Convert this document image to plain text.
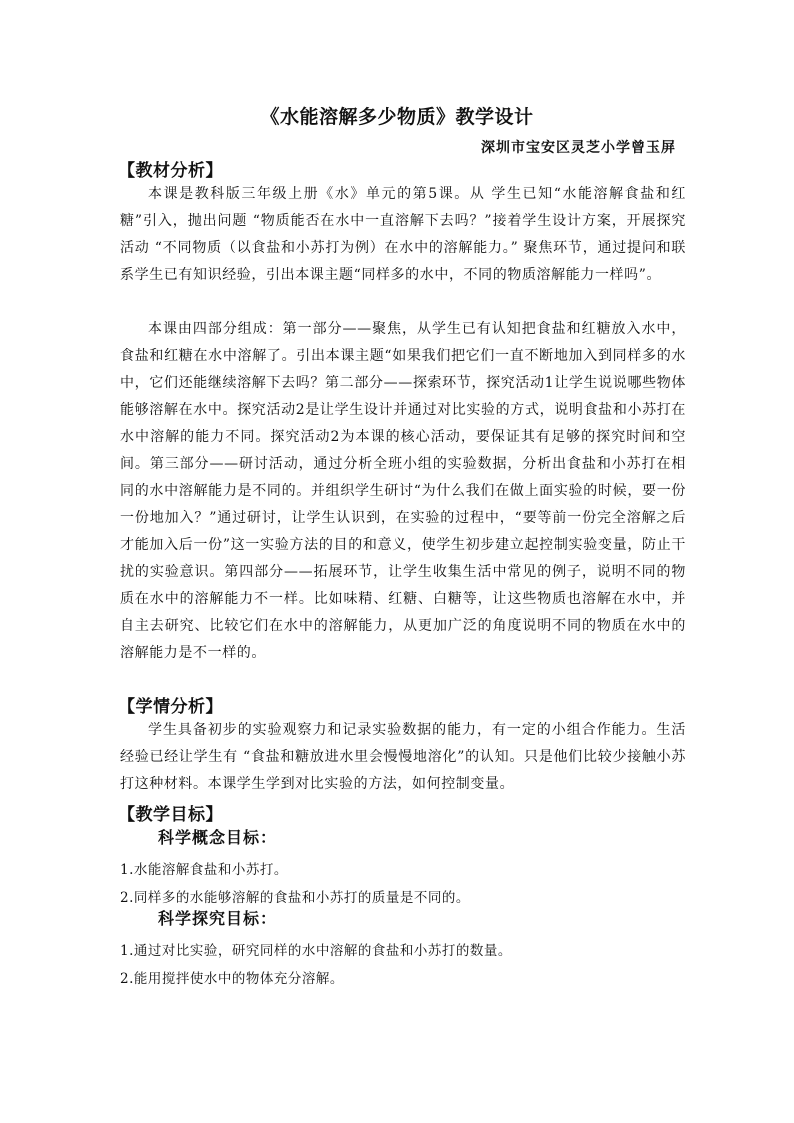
《水能溶解多少物质》教学设计
深圳市宝安区灵芝小学曾玉屏
【教材分析】
本课是教科版三年级上册《水》单元的第5课。从 学生已知“水能溶解食盐和红糖”引入，抛出问题 “物质能否在水中一直溶解下去吗？”接着学生设计方案，开展探究活动 “不同物质（以食盐和小苏打为例）在水中的溶解能力。” 聚焦环节，通过提问和联系学生已有知识经验，引出本课主题“同样多的水中，不同的物质溶解能力一样吗”。
本课由四部分组成：第一部分——聚焦，从学生已有认知把食盐和红糖放入水中，食盐和红糖在水中溶解了。引出本课主题“如果我们把它们一直不断地加入到同样多的水中，它们还能继续溶解下去吗？第二部分——探索环节，探究活动1让学生说说哪些物体能够溶解在水中。探究活动2是让学生设计并通过对比实验的方式，说明食盐和小苏打在水中溶解的能力不同。探究活动2为本课的核心活动，要保证其有足够的探究时间和空间。第三部分——研讨活动，通过分析全班小组的实验数据，分析出食盐和小苏打在相同的水中溶解能力是不同的。并组织学生研讨“为什么我们在做上面实验的时候，要一份一份地加入？”通过研讨，让学生认识到，在实验的过程中，“要等前一份完全溶解之后才能加入后一份”这一实验方法的目的和意义，使学生初步建立起控制实验变量，防止干扰的实验意识。第四部分——拓展环节，让学生收集生活中常见的例子，说明不同的物质在水中的溶解能力不一样。比如味精、红糖、白糖等，让这些物质也溶解在水中，并自主去研究、比较它们在水中的溶解能力，从更加广泛的角度说明不同的物质在水中的溶解能力是不一样的。
【学情分析】
学生具备初步的实验观察力和记录实验数据的能力，有一定的小组合作能力。生活经验已经让学生有 “食盐和糖放进水里会慢慢地溶化”的认知。只是他们比较少接触小苏打这种材料。本课学生学到对比实验的方法，如何控制变量。
【教学目标】
科学概念目标：
1.水能溶解食盐和小苏打。
2.同样多的水能够溶解的食盐和小苏打的质量是不同的。
科学探究目标：
1.通过对比实验，研究同样的水中溶解的食盐和小苏打的数量。
2.能用搅拌使水中的物体充分溶解。
